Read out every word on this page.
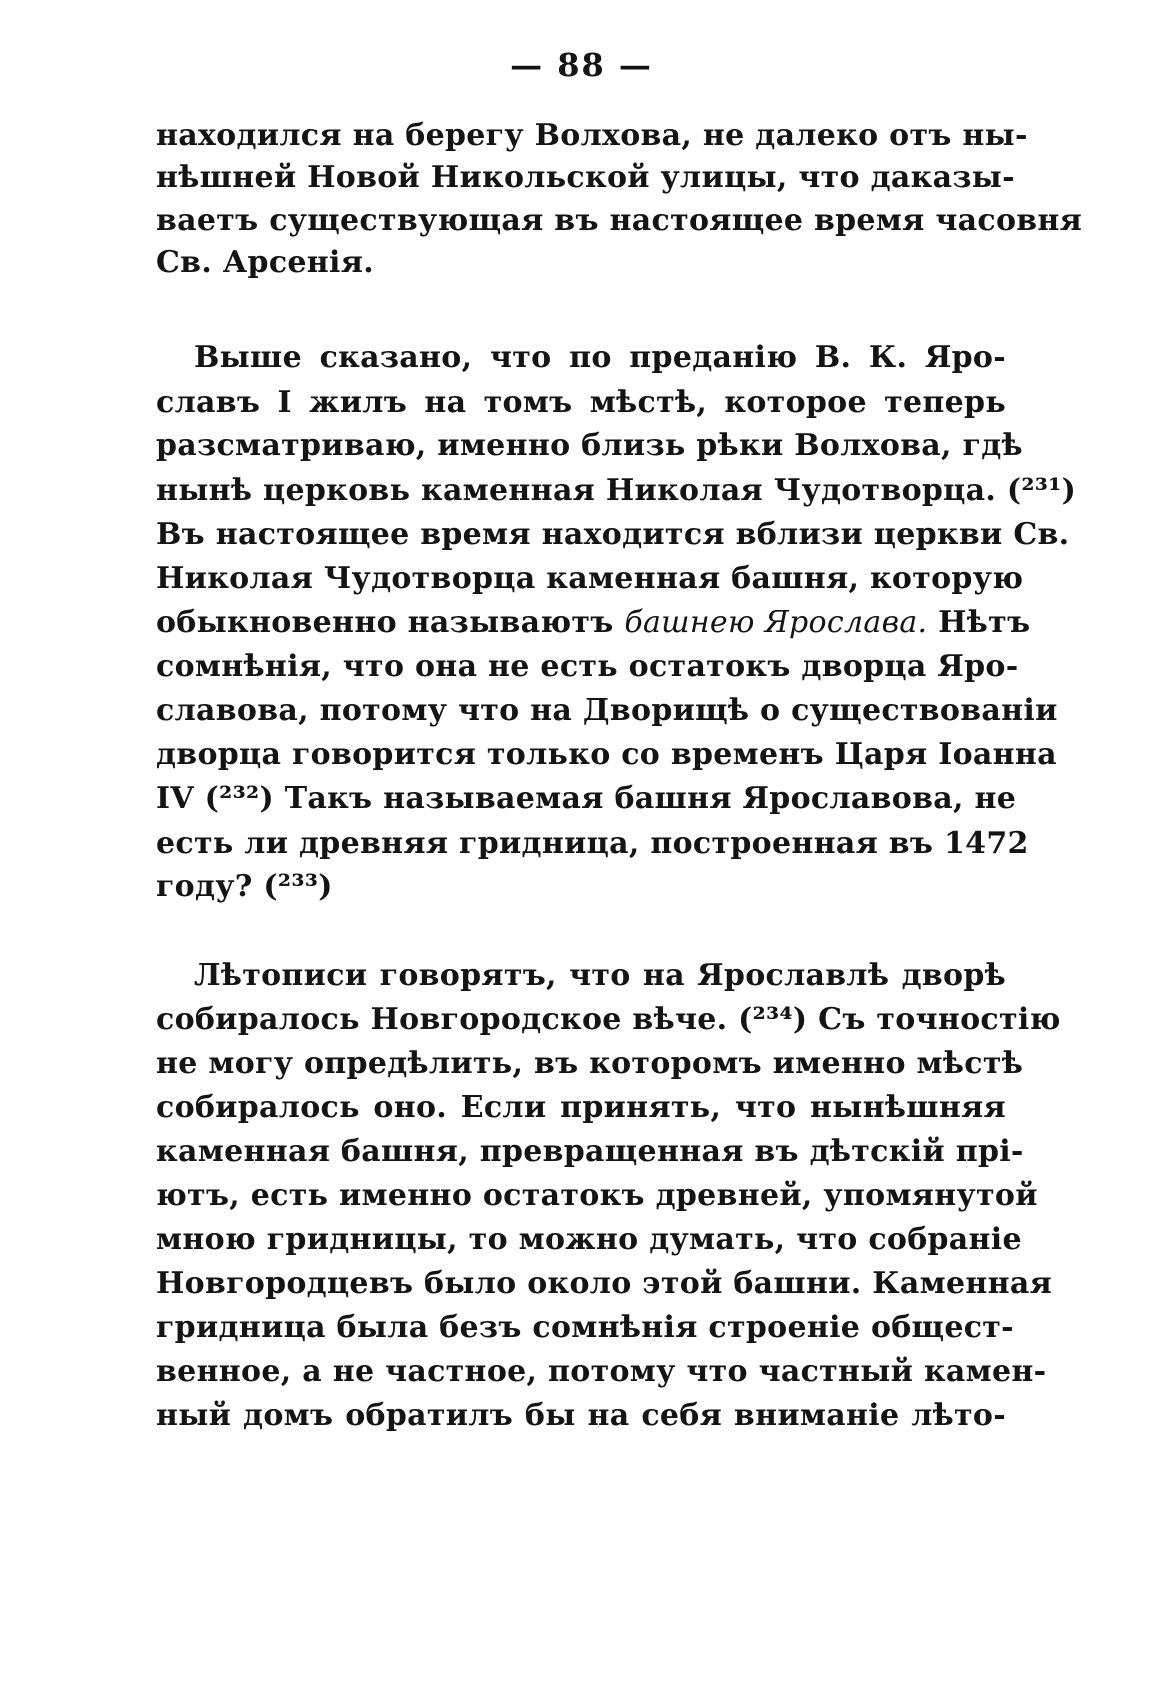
— 88 —
находился на берегу Волхова, не далеко отъ ны-
нѣшней Новой Никольской улицы, что даказы-
ваетъ существующая въ настоящее время часовня
Св. Арсенія.
Выше сказано, что по преданію В. К. Яро-
славъ I жилъ на томъ мѣстѣ, которое теперь
разсматриваю, именно близь рѣки Волхова, гдѣ
нынѣ церковь каменная Николая Чудотворца. (²³¹)
Въ настоящее время находится вблизи церкви Св.
Николая Чудотворца каменная башня, которую
обыкновенно называютъ башнею Ярослава. Нѣтъ
сомнѣнія, что она не есть остатокъ дворца Яро-
славова, потому что на Дворищѣ о существованіи
дворца говорится только со временъ Царя Іоанна
IV (²³²) Такъ называемая башня Ярославова, не
есть ли древняя гридница, построенная въ 1472
году? (²³³)
Лѣтописи говорятъ, что на Ярославлѣ дворѣ
собиралось Новгородское вѣче. (²³⁴) Съ точностію
не могу опредѣлить, въ которомъ именно мѣстѣ
собиралось оно. Если принять, что нынѣшняя
каменная башня, превращенная въ дѣтскій прі-
ютъ, есть именно остатокъ древней, упомянутой
мною гридницы, то можно думать, что собраніе
Новгородцевъ было около этой башни. Каменная
гридница была безъ сомнѣнія строеніе общест-
венное, а не частное, потому что частный камен-
ный домъ обратилъ бы на себя вниманіе лѣто-
